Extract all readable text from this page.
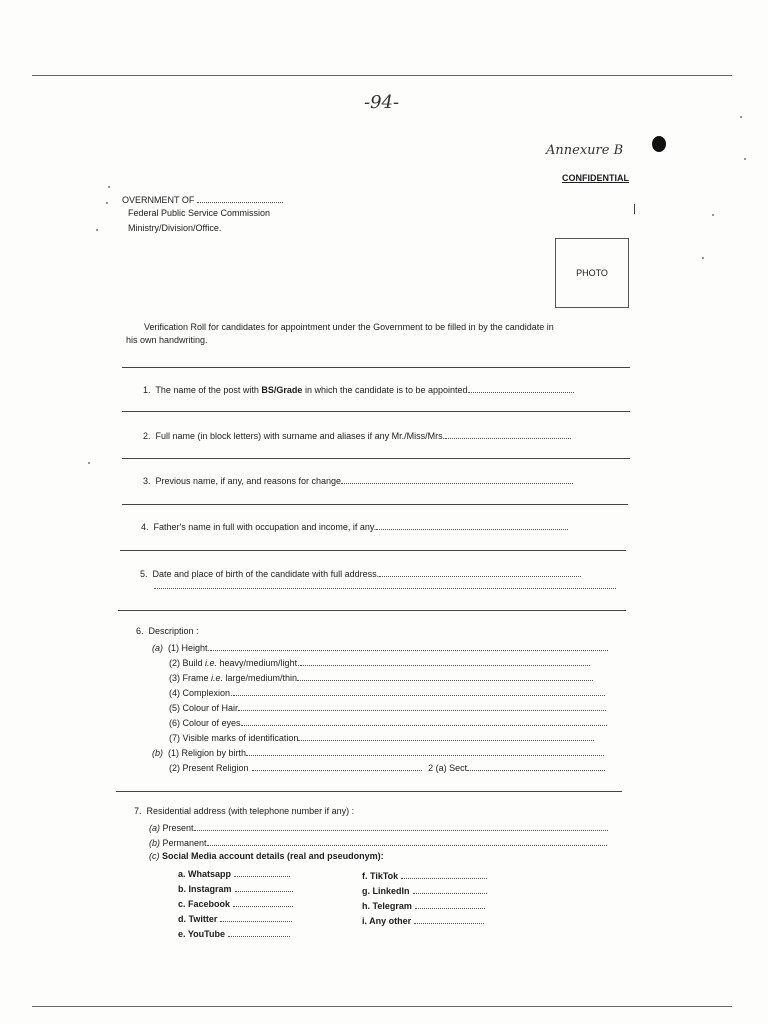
-94-
Annexure B
CONFIDENTIAL
OVERNMENT OF
Federal Public Service Commission
Ministry/Division/Office.
PHOTO
Verification Roll for candidates for appointment under the Government to be filled in by the candidate in
his own handwriting.
1. The name of the post with BS/Grade in which the candidate is to be appointed
2. Full name (in block letters) with surname and aliases if any Mr./Miss/Mrs.
3. Previous name, if any, and reasons for change
4. Father's name in full with occupation and income, if any.
5. Date and place of birth of the candidate with full address.
6. Description :
(a) (1) Height.
(2) Build i.e. heavy/medium/light.
(3) Frame i.e. large/medium/thin
(4) Complexion.
(5) Colour of Hair
(6) Colour of eyes
(7) Visible marks of identification
(b) (1) Religion by birth
(2) Present Religion	2 (a) Sect
7. Residential address (with telephone number if any) :
(a) Present
(b) Permanent
(c) Social Media account details (real and pseudonym):
a. Whatsapp
b. Instagram
c. Facebook
d. Twitter
e. YouTube
f. TikTok
g. LinkedIn
h. Telegram
i. Any other
